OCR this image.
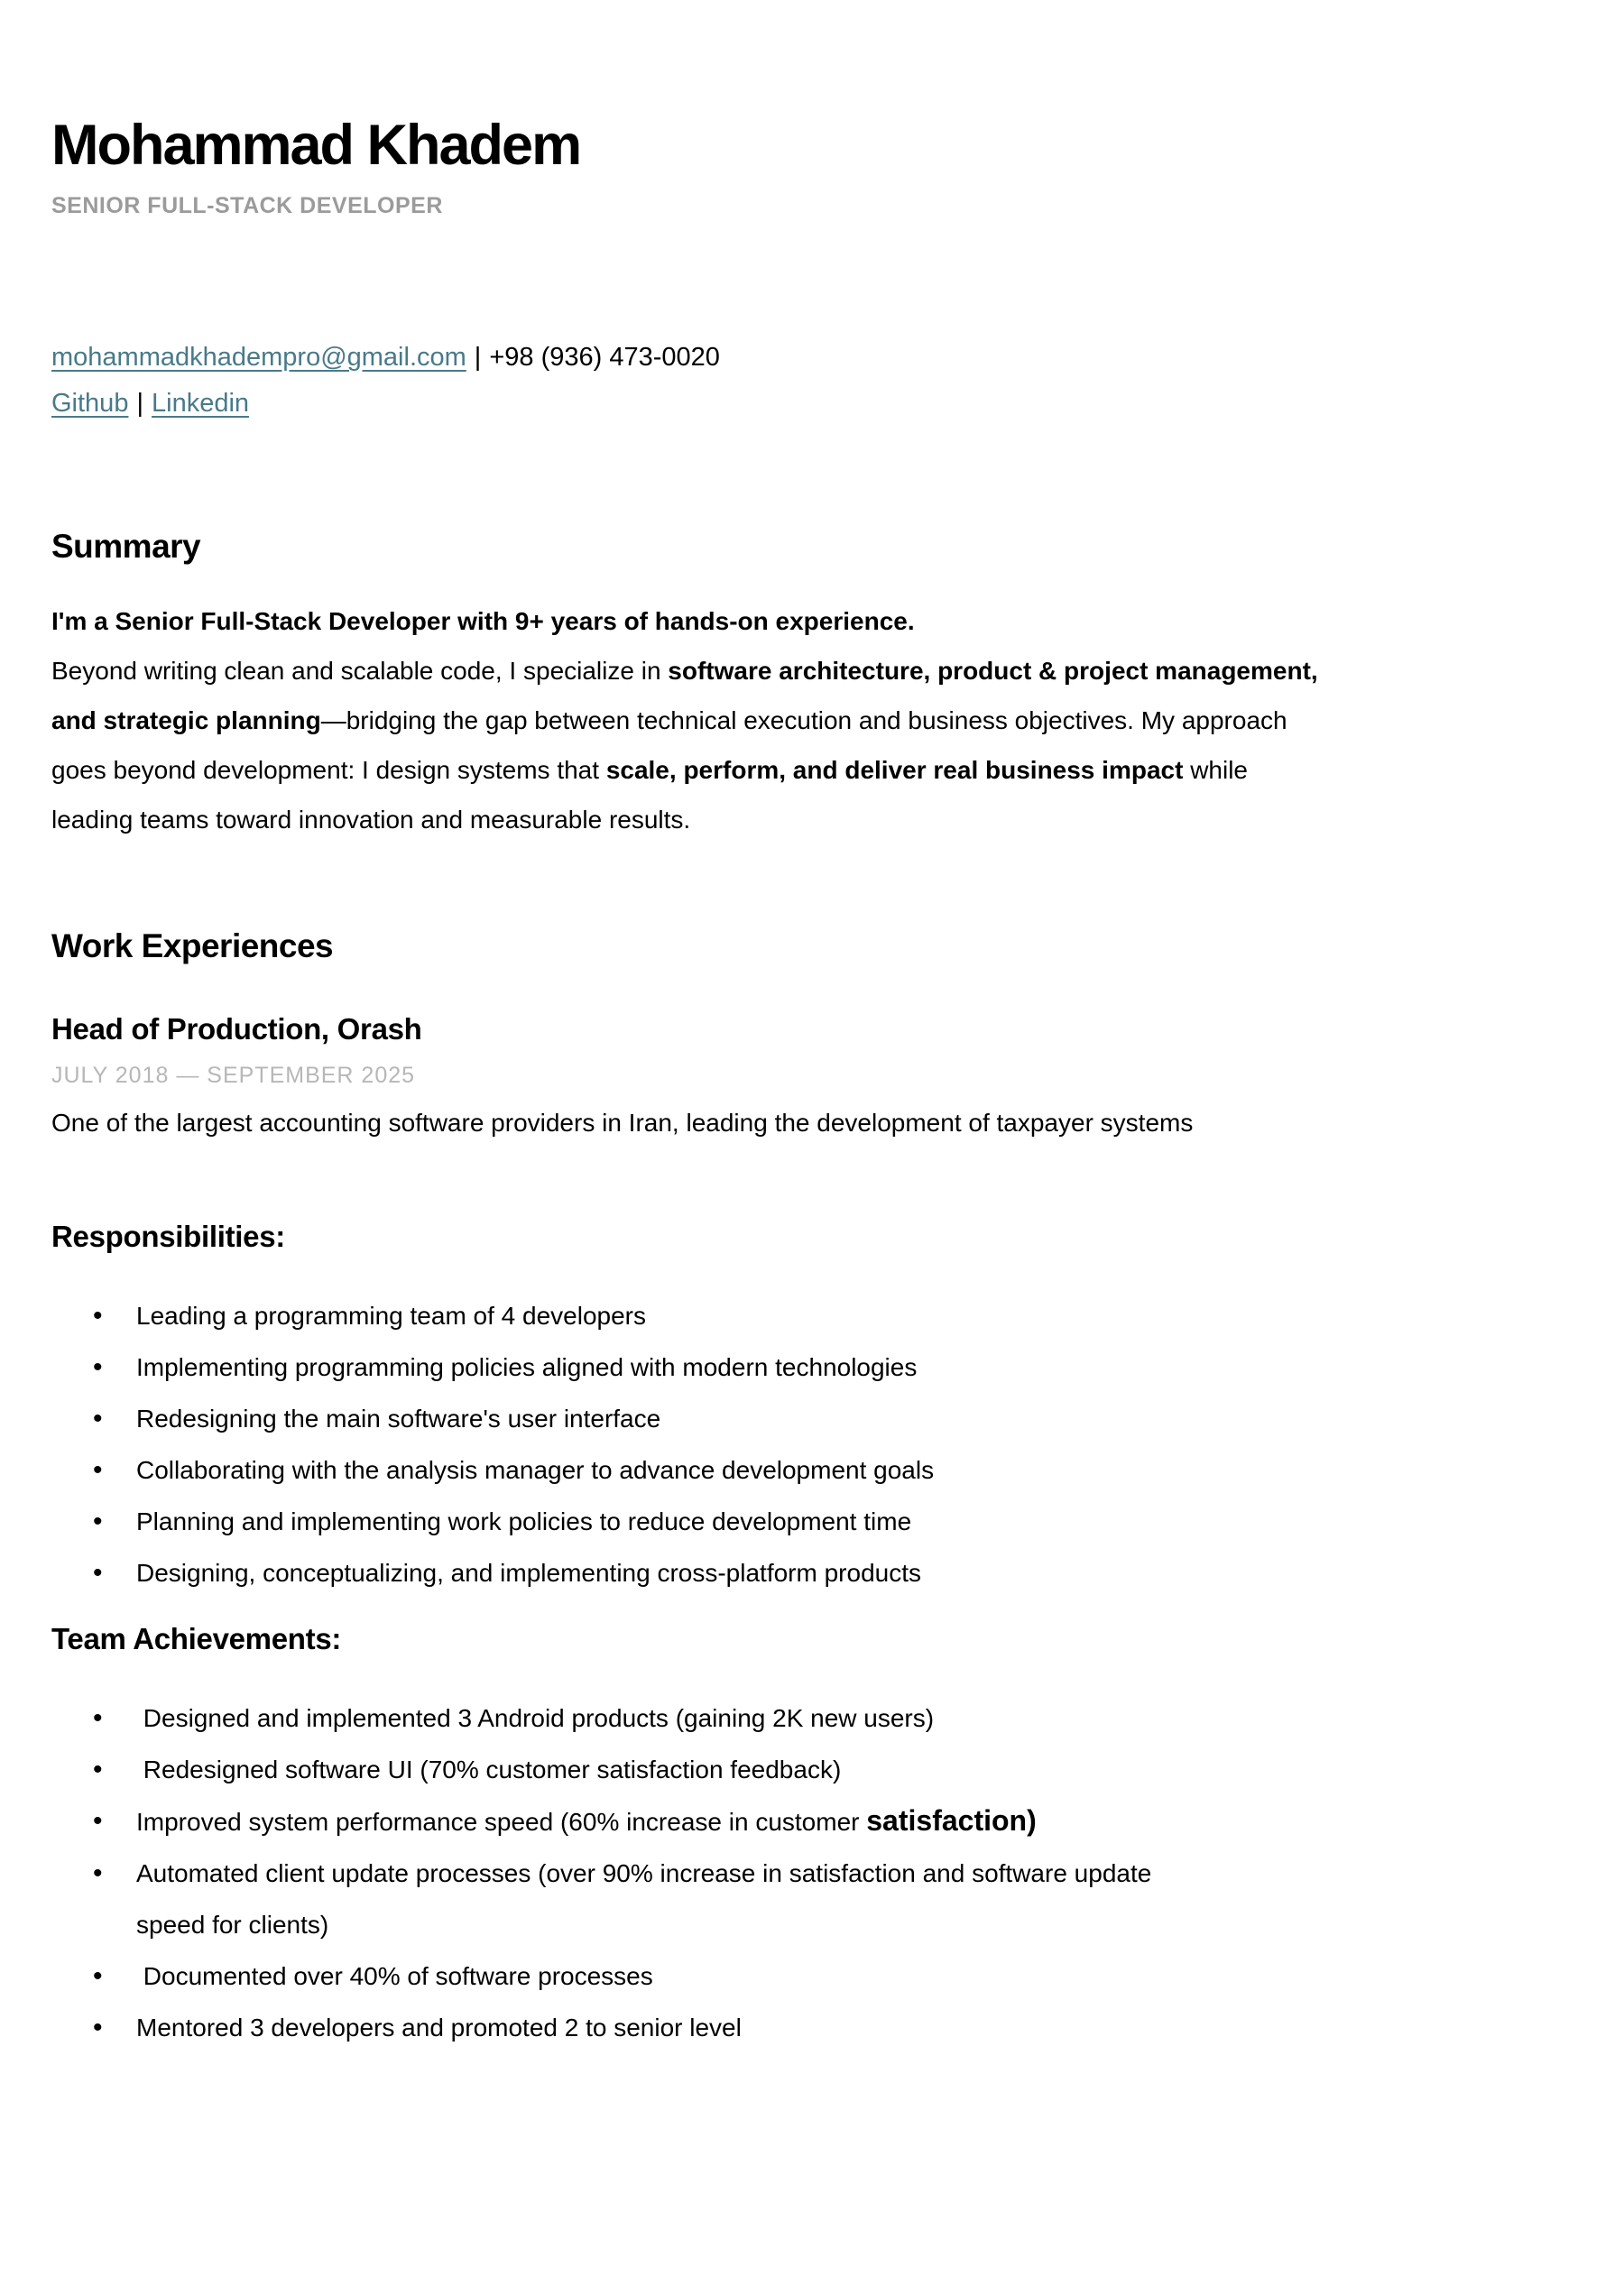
Mohammad Khadem
SENIOR FULL-STACK DEVELOPER
mohammadkhadempro@gmail.com | +98 (936) 473-0020
Github | Linkedin
Summary

I'm a Senior Full-Stack Developer with 9+ years of hands-on experience.
Beyond writing clean and scalable code, I specialize in software architecture, product & project management, and strategic planning—bridging the gap between technical execution and business objectives. My approach goes beyond development: I design systems that scale, perform, and deliver real business impact while leading teams toward innovation and measurable results.

Work Experiences
Head of Production, Orash
JULY 2018 — SEPTEMBER 2025

One of the largest accounting software providers in Iran, leading the development of taxpayer systems

Responsibilities:
• Leading a programming team of 4 developers
• Implementing programming policies aligned with modern technologies
• Redesigning the main software's user interface
• Collaborating with the analysis manager to advance development goals
• Planning and implementing work policies to reduce development time
• Designing, conceptualizing, and implementing cross-platform products
Team Achievements:
•  Designed and implemented 3 Android products (gaining 2K new users)
•  Redesigned software UI (70% customer satisfaction feedback)
• Improved system performance speed (60% increase in customer satisfaction)
• Automated client update processes (over 90% increase in satisfaction and software update speed for clients)
•  Documented over 40% of software processes
• Mentored 3 developers and promoted 2 to senior level
